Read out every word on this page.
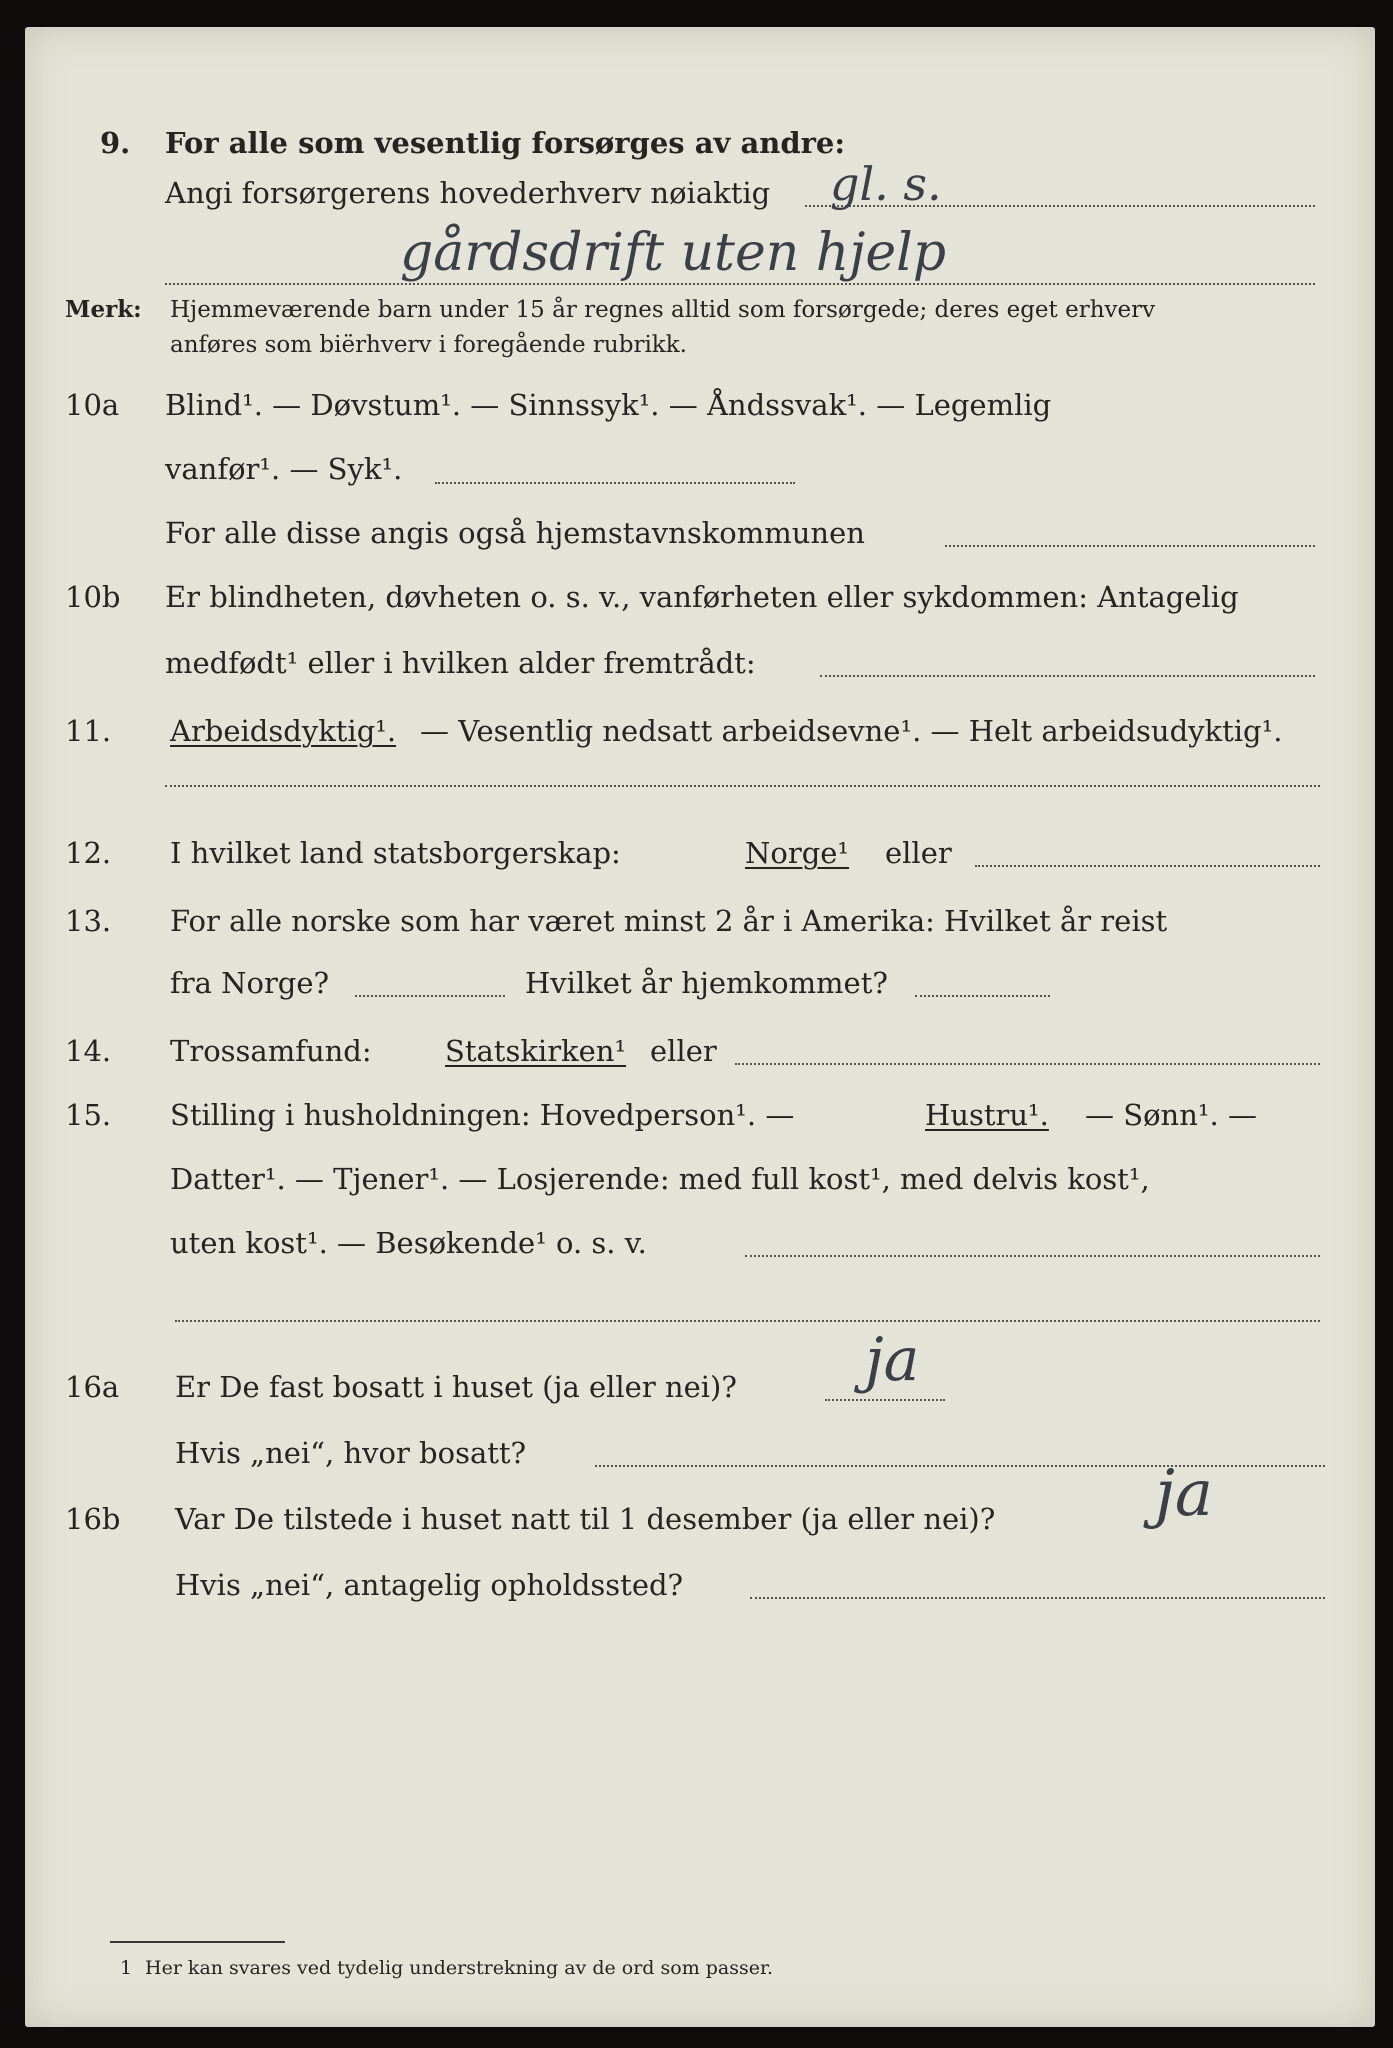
9. For alle som vesentlig forsørges av andre:
Angi forsørgerens hovederhverv nøiaktig gl. s.
gårdsdrift uten hjelp
Merk: Hjemmeværende barn under 15 år regnes alltid som forsørgede; deres eget erhverv
anføres som biërhverv i foregående rubrikk.
10a Blind¹. — Døvstum¹. — Sinnssyk¹. — Åndssvak¹. — Legemlig
vanfør¹. — Syk¹.
For alle disse angis også hjemstavnskommunen
10b Er blindheten, døvheten o. s. v., vanførheten eller sykdommen: Antagelig
medfødt¹ eller i hvilken alder fremtrådt:
11. Arbeidsdyktig¹. — Vesentlig nedsatt arbeidsevne¹. — Helt arbeidsudyktig¹.
12. I hvilket land statsborgerskap:	Norge¹ eller
13. For alle norske som har været minst 2 år i Amerika: Hvilket år reist
fra Norge?	Hvilket år hjemkommet?
14. Trossamfund:	Statskirken¹ eller
15. Stilling i husholdningen: Hovedperson¹. —	Hustru¹. — Sønn¹. —
Datter¹. — Tjener¹. — Losjerende: med full kost¹, med delvis kost¹,
uten kost¹. — Besøkende¹ o. s. v.
16a Er De fast bosatt i huset (ja eller nei)? ja
Hvis „nei“, hvor bosatt?
16b Var De tilstede i huset natt til 1 desember (ja eller nei)? ja
Hvis „nei“, antagelig opholdssted?
1 Her kan svares ved tydelig understrekning av de ord som passer.
